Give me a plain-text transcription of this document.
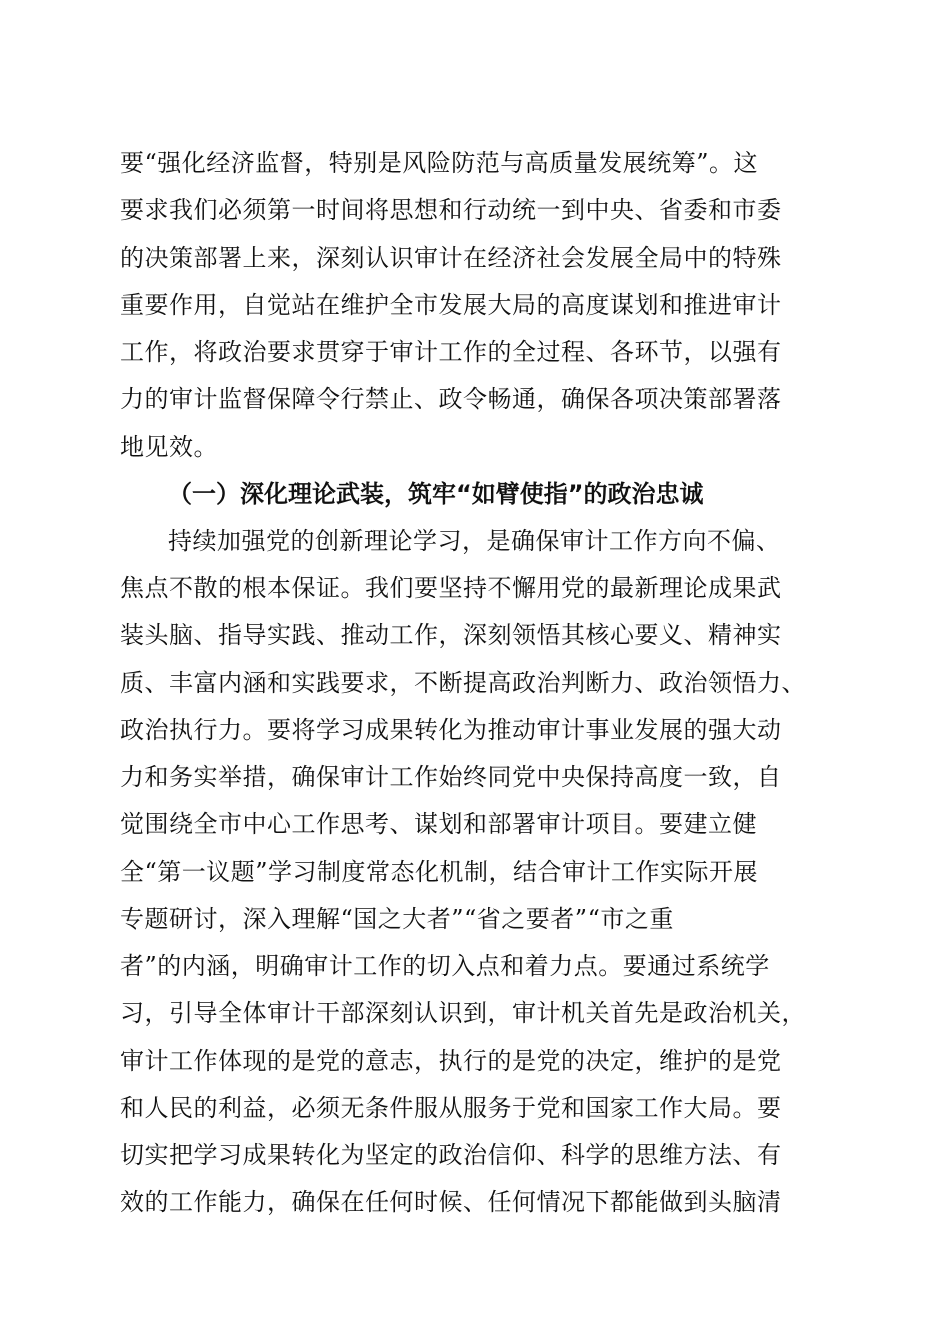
要“强化经济监督，特别是风险防范与高质量发展统筹”。这
要求我们必须第一时间将思想和行动统一到中央、省委和市委
的决策部署上来，深刻认识审计在经济社会发展全局中的特殊
重要作用，自觉站在维护全市发展大局的高度谋划和推进审计
工作，将政治要求贯穿于审计工作的全过程、各环节，以强有
力的审计监督保障令行禁止、政令畅通，确保各项决策部署落
地见效。
（一）深化理论武装，筑牢“如臂使指”的政治忠诚
持续加强党的创新理论学习，是确保审计工作方向不偏、
焦点不散的根本保证。我们要坚持不懈用党的最新理论成果武
装头脑、指导实践、推动工作，深刻领悟其核心要义、精神实
质、丰富内涵和实践要求，不断提高政治判断力、政治领悟力、
政治执行力。要将学习成果转化为推动审计事业发展的强大动
力和务实举措，确保审计工作始终同党中央保持高度一致，自
觉围绕全市中心工作思考、谋划和部署审计项目。要建立健
全“第一议题”学习制度常态化机制，结合审计工作实际开展
专题研讨，深入理解“国之大者”“省之要者”“市之重
者”的内涵，明确审计工作的切入点和着力点。要通过系统学
习，引导全体审计干部深刻认识到，审计机关首先是政治机关，
审计工作体现的是党的意志，执行的是党的决定，维护的是党
和人民的利益，必须无条件服从服务于党和国家工作大局。要
切实把学习成果转化为坚定的政治信仰、科学的思维方法、有
效的工作能力，确保在任何时候、任何情况下都能做到头脑清
